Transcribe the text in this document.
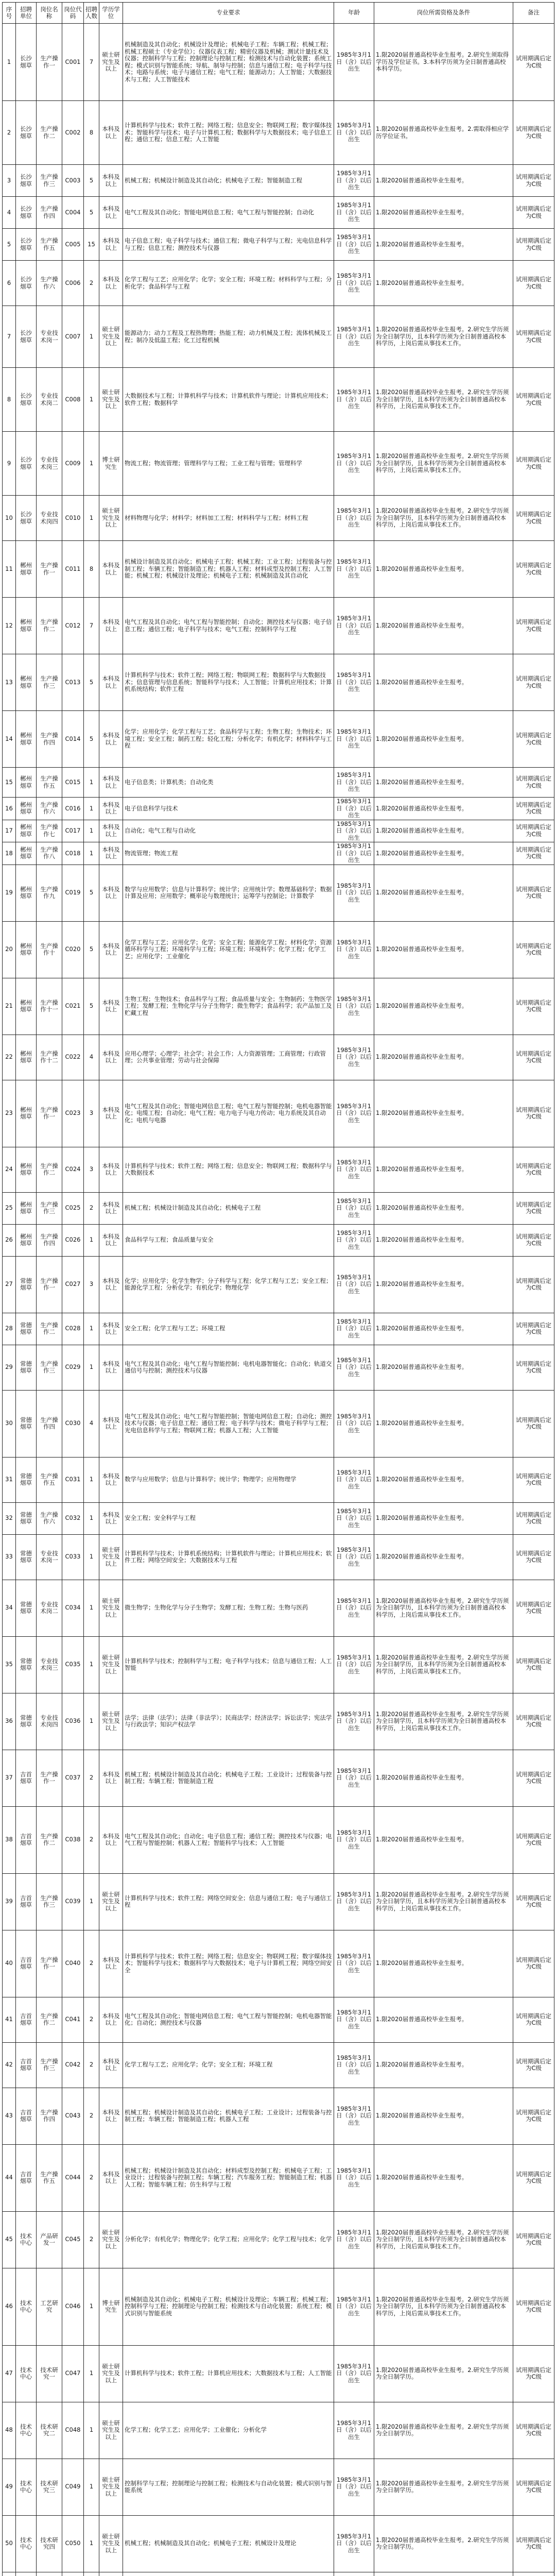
序号	招聘单位	岗位名称	岗位代码	招聘人数	学历学位	专业要求	年龄	岗位所需资格及条件	备注
1	长沙烟草	生产操作一	C001	7	硕士研究生及以上	机械制造及其自动化；机械设计及理论；机械电子工程；车辆工程；机械工程；机械工程硕士（专业学位）；仪器仪表工程；精密仪器及机械；测试计量技术及仪器；控制科学与工程；控制理论与控制工程；检测技术与自动化装置；系统工程；模式识别与智能系统；导航、制导与控制；信息与通信工程；电子科学与技术；电路与系统；电子与通信工程；电气工程；能源动力；人工智能；大数据技术与工程；人工智能技术	1985年3月1日（含）以后出生	1.限2020届普通高校毕业生报考。2.研究生须取得学历及学位证书。3.本科学历须为全日制普通高校本科学历。	试用期满后定为C级
2	长沙烟草	生产操作二	C002	8	本科及以上	计算机科学与技术；软件工程；网络工程；信息安全；物联网工程；数字媒体技术；智能科学与技术；电子与计算机工程；数据科学与大数据技术；电子信息工程；通信工程；信息工程；人工智能	1985年3月1日（含）以后出生	1.限2020届普通高校毕业生报考。2.需取得相应学历学位证书。	试用期满后定为C级
3	长沙烟草	生产操作三	C003	5	本科及以上	机械工程；机械设计制造及其自动化；机械电子工程；智能制造工程	1985年3月1日（含）以后出生	1.限2020届普通高校毕业生报考。	试用期满后定为C级
4	长沙烟草	生产操作四	C004	5	本科及以上	电气工程及其自动化；智能电网信息工程；电气工程与智能控制；自动化	1985年3月1日（含）以后出生	1.限2020届普通高校毕业生报考。	试用期满后定为C级
5	长沙烟草	生产操作五	C005	15	本科及以上	电子信息工程；电子科学与技术；通信工程；微电子科学与工程；光电信息科学与工程；信息工程；测控技术与仪器	1985年3月1日（含）以后出生	1.限2020届普通高校毕业生报考。	试用期满后定为C级
6	长沙烟草	生产操作六	C006	2	本科及以上	化学工程与工艺；应用化学；化学；安全工程；环境工程；材料科学与工程；分析化学；食品科学与工程	1985年3月1日（含）以后出生	1.限2020届普通高校毕业生报考。	试用期满后定为C级
7	长沙烟草	专业技术岗一	C007	1	硕士研究生及以上	能源动力；动力工程及工程热物理；热能工程；动力机械及工程；流体机械及工程；制冷及低温工程；化工过程机械	1985年3月1日（含）以后出生	1.限2020届普通高校毕业生报考。2.研究生学历须为全日制学历，且本科学历须为全日制普通高校本科学历，上岗后需从事技术工作。	试用期满后定为C级
8	长沙烟草	专业技术岗二	C008	1	硕士研究生及以上	大数据技术与工程；计算机科学与技术；计算机软件与理论；计算机应用技术；软件工程；数据科学	1985年3月1日（含）以后出生	1.限2020届普通高校毕业生报考。2.研究生学历须为全日制学历，且本科学历须为全日制普通高校本科学历，上岗后需从事技术工作。	试用期满后定为C级
9	长沙烟草	专业技术岗三	C009	1	博士研究生	物流工程；物流管理；管理科学与工程；工业工程与管理；管理科学	1985年3月1日（含）以后出生	1.限2020届普通高校毕业生报考。2.研究生学历须为全日制学历，且本科学历须为全日制普通高校本科学历，上岗后需从事技术工作。	试用期满后定为C级
10	长沙烟草	专业技术岗四	C010	1	硕士研究生及以上	材料物理与化学；材料学；材料加工工程；材料科学与工程；材料工程	1985年3月1日（含）以后出生	1.限2020届普通高校毕业生报考。2.研究生学历须为全日制学历，且本科学历须为全日制普通高校本科学历，上岗后需从事技术工作。	试用期满后定为C级
11	郴州烟草	生产操作一	C011	8	本科及以上	机械设计制造及其自动化；机械电子工程；机械工程；工业工程；过程装备与控制工程；车辆工程；智能制造工程；机器人工程；材料成型及控制工程；人工智能；机械工程；机械设计及理论；机械电子工程；机械制造及其自动化	1985年3月1日（含）以后出生	1.限2020届普通高校毕业生报考。	试用期满后定为C级
12	郴州烟草	生产操作二	C012	7	本科及以上	电气工程及其自动化；电气工程与智能控制；自动化；测控技术与仪器；电子信息工程；通信工程；电子科学与技术；电气工程；控制科学与工程	1985年3月1日（含）以后出生	1.限2020届普通高校毕业生报考。	试用期满后定为C级
13	郴州烟草	生产操作三	C013	5	本科及以上	计算机科学与技术；软件工程；网络工程；物联网工程；数据科学与大数据技术；信息管理与信息系统；智能科学与技术；人工智能；计算机应用技术；计算机系统结构；软件工程	1985年3月1日（含）以后出生	1.限2020届普通高校毕业生报考。	试用期满后定为C级
14	郴州烟草	生产操作四	C014	5	本科及以上	化学；应用化学；化学工程与工艺；食品科学与工程；生物工程；生物技术；环境工程；安全工程；制药工程；轻化工程；分析化学；有机化学；材料科学与工程	1985年3月1日（含）以后出生	1.限2020届普通高校毕业生报考。	试用期满后定为C级
15	郴州烟草	生产操作五	C015	1	本科及以上	电子信息类；计算机类；自动化类	1985年3月1日（含）以后出生	1.限2020届普通高校毕业生报考。	试用期满后定为C级
16	郴州烟草	生产操作六	C016	1	本科及以上	电子信息科学与技术	1985年3月1日（含）以后出生	1.限2020届普通高校毕业生报考。	试用期满后定为C级
17	郴州烟草	生产操作七	C017	1	本科及以上	自动化；电气工程与自动化	1985年3月1日（含）以后出生	1.限2020届普通高校毕业生报考。	试用期满后定为C级
18	郴州烟草	生产操作八	C018	1	本科及以上	物流管理；物流工程	1985年3月1日（含）以后出生	1.限2020届普通高校毕业生报考。	试用期满后定为C级
19	郴州烟草	生产操作九	C019	5	本科及以上	数学与应用数学；信息与计算科学；统计学；应用统计学；数理基础科学；数据计算及应用；应用数学；概率论与数理统计；运筹学与控制论；计算数学	1985年3月1日（含）以后出生	1.限2020届普通高校毕业生报考。	试用期满后定为C级
20	郴州烟草	生产操作十	C020	5	本科及以上	化学工程与工艺；应用化学；化学；安全工程；能源化学工程；材料化学；资源循环科学与工程；环境科学与工程；环境工程；环境科学；化学工程；化学工艺；应用化学；工业催化	1985年3月1日（含）以后出生	1.限2020届普通高校毕业生报考。	试用期满后定为C级
21	郴州烟草	生产操作十一	C021	5	本科及以上	生物工程；生物技术；食品科学与工程；食品质量与安全；生物制药；生物医学工程；发酵工程；生物化学与分子生物学；微生物学；食品科学；农产品加工及贮藏工程	1985年3月1日（含）以后出生	1.限2020届普通高校毕业生报考。	试用期满后定为C级
22	郴州烟草	生产操作十二	C022	4	本科及以上	应用心理学；心理学；社会学；社会工作；人力资源管理；工商管理；行政管理；公共事业管理；劳动与社会保障	1985年3月1日（含）以后出生	1.限2020届普通高校毕业生报考。	试用期满后定为C级
23	郴州烟草	生产操作一	C023	3	本科及以上	电气工程及其自动化；智能电网信息工程；电气工程与智能控制；电机电器智能化；电缆工程；自动化；电气工程；电力电子与电力传动；电力系统及其自动化；电机与电器	1985年3月1日（含）以后出生	1.限2020届普通高校毕业生报考。	试用期满后定为C级
24	郴州烟草	生产操作二	C024	3	本科及以上	计算机科学与技术；软件工程；网络工程；信息安全；物联网工程；数据科学与大数据技术	1985年3月1日（含）以后出生	1.限2020届普通高校毕业生报考。	试用期满后定为C级
25	郴州烟草	生产操作三	C025	2	本科及以上	机械工程；机械设计制造及其自动化；机械电子工程	1985年3月1日（含）以后出生	1.限2020届普通高校毕业生报考。	试用期满后定为C级
26	郴州烟草	生产操作四	C026	1	本科及以上	食品科学与工程；食品质量与安全	1985年3月1日（含）以后出生	1.限2020届普通高校毕业生报考。	试用期满后定为C级
27	常德烟草	生产操作一	C027	3	本科及以上	化学；应用化学；化学生物学；分子科学与工程；化学工程与工艺；安全工程；能源化学工程；分析化学；有机化学；物理化学	1985年3月1日（含）以后出生	1.限2020届普通高校毕业生报考。	试用期满后定为C级
28	常德烟草	生产操作二	C028	1	本科及以上	安全工程；化学工程与工艺；环境工程	1985年3月1日（含）以后出生	1.限2020届普通高校毕业生报考。	试用期满后定为C级
29	常德烟草	生产操作三	C029	1	本科及以上	电气工程及其自动化；电气工程与智能控制；电机电器智能化；自动化；轨道交通信号与控制；测控技术与仪器	1985年3月1日（含）以后出生	1.限2020届普通高校毕业生报考。	试用期满后定为C级
30	常德烟草	生产操作四	C030	4	本科及以上	电气工程及其自动化；电气工程与智能控制；智能电网信息工程；自动化；测控技术与仪器；电子信息工程；通信工程；电子科学与技术；微电子科学与工程；光电信息科学与工程；物联网工程；机器人工程；人工智能	1985年3月1日（含）以后出生	1.限2020届普通高校毕业生报考。	试用期满后定为C级
31	常德烟草	生产操作五	C031	1	本科及以上	数学与应用数学；信息与计算科学；统计学；物理学；应用物理学	1985年3月1日（含）以后出生	1.限2020届普通高校毕业生报考。	试用期满后定为C级
32	常德烟草	生产操作六	C032	1	本科及以上	安全工程；安全科学与工程	1985年3月1日（含）以后出生	1.限2020届普通高校毕业生报考。	试用期满后定为C级
33	常德烟草	专业技术岗一	C033	1	硕士研究生及以上	计算机科学与技术；计算机系统结构；计算机软件与理论；计算机应用技术；软件工程；网络空间安全；大数据技术与工程	1985年3月1日（含）以后出生	1.限2020届普通高校毕业生报考。	试用期满后定为C级
34	常德烟草	专业技术岗二	C034	1	硕士研究生及以上	微生物学；生物化学与分子生物学；发酵工程；生物工程；生物与医药	1985年3月1日（含）以后出生	1.限2020届普通高校毕业生报考。2.研究生学历须为全日制学历，且本科学历须为全日制普通高校本科学历，上岗后需从事技术工作。	试用期满后定为C级
35	常德烟草	专业技术岗三	C035	1	硕士研究生及以上	计算机科学与技术；控制科学与工程；电子科学与技术；信息与通信工程；人工智能	1985年3月1日（含）以后出生	1.限2020届普通高校毕业生报考。2.研究生学历须为全日制学历，且本科学历须为全日制普通高校本科学历，上岗后需从事技术工作。	试用期满后定为C级
36	常德烟草	专业技术岗四	C036	1	硕士研究生及以上	法学；法律（法学）；法律（非法学）；民商法学；经济法学；诉讼法学；宪法学与行政法学；知识产权法学	1985年3月1日（含）以后出生	1.限2020届普通高校毕业生报考。2.研究生学历须为全日制学历，且本科学历须为全日制普通高校本科学历，上岗后需从事技术工作。	试用期满后定为C级
37	吉首烟草	生产操作一	C037	2	本科及以上	机械工程；机械设计制造及其自动化；机械电子工程；工业设计；过程装备与控制工程；车辆工程；智能制造工程	1985年3月1日（含）以后出生	1.限2020届普通高校毕业生报考。	试用期满后定为C级
38	吉首烟草	生产操作二	C038	2	本科及以上	电气工程及其自动化；自动化；电子信息工程；通信工程；测控技术与仪器；电气工程与智能控制；机器人工程；智能科学与技术；人工智能	1985年3月1日（含）以后出生	1.限2020届普通高校毕业生报考。	试用期满后定为C级
39	吉首烟草	生产操作三	C039	1	硕士研究生及以上	计算机科学与技术；软件工程；网络空间安全；信息与通信工程；电子与通信工程	1985年3月1日（含）以后出生	1.限2020届普通高校毕业生报考。2.研究生学历须为全日制学历，且本科学历须为全日制普通高校本科学历，上岗后需从事技术工作。	试用期满后定为C级
40	吉首烟草	生产操作一	C040	2	本科及以上	计算机科学与技术；软件工程；网络工程；信息安全；物联网工程；数字媒体技术；智能科学与技术；数据科学与大数据技术；电子与计算机工程；网络空间安全	1985年3月1日（含）以后出生	1.限2020届普通高校毕业生报考。	试用期满后定为C级
41	吉首烟草	生产操作二	C041	2	本科及以上	电气工程及其自动化；智能电网信息工程；电气工程与智能控制；电机电器智能化；自动化；测控技术与仪器	1985年3月1日（含）以后出生	1.限2020届普通高校毕业生报考。	试用期满后定为C级
42	吉首烟草	生产操作三	C042	2	本科及以上	化学工程与工艺；应用化学；化学；安全工程；环境工程	1985年3月1日（含）以后出生	1.限2020届普通高校毕业生报考。	试用期满后定为C级
43	吉首烟草	生产操作四	C043	2	本科及以上	机械工程；机械设计制造及其自动化；机械电子工程；工业设计；过程装备与控制工程；车辆工程；智能制造工程；机器人工程	1985年3月1日（含）以后出生	1.限2020届普通高校毕业生报考。	试用期满后定为C级
44	吉首烟草	生产操作五	C044	2	本科及以上	机械工程；机械设计制造及其自动化；材料成型及控制工程；机械电子工程；工业设计；过程装备与控制工程；车辆工程；汽车服务工程；智能制造工程；机器人工程；智能车辆工程；仿生科学与工程	1985年3月1日（含）以后出生	1.限2020届普通高校毕业生报考。	试用期满后定为C级
45	技术中心	产品研发一	C045	2	硕士研究生及以上	分析化学；有机化学；物理化学；化学工程；应用化学；化学工程与技术；化学	1985年3月1日（含）以后出生	1.限2020届普通高校毕业生报考。2.研究生学历须为全日制学历，且本科学历须为全日制普通高校本科学历，上岗后需从事技术工作。	试用期满后定为C级
46	技术中心	工艺研究	C046	1	博士研究生	机械制造及其自动化；机械电子工程；机械设计及理论；车辆工程；机械工程；控制科学与工程；控制理论与控制工程；检测技术与自动化装置；系统工程；模式识别与智能系统	1985年3月1日（含）以后出生	1.限2020届普通高校毕业生报考。2.研究生学历须为全日制学历，且本科学历须为全日制普通高校本科学历，上岗后需从事技术工作。	试用期满后定为C级
47	技术中心	技术研究一	C047	1	硕士研究生及以上	计算机科学与技术；软件工程；计算机应用技术；大数据技术与工程；人工智能	1985年3月1日（含）以后出生	1.限2020届普通高校毕业生报考。2.研究生学历须为全日制学历。	试用期满后定为C级
48	技术中心	技术研究二	C048	1	硕士研究生及以上	化学工程；化学工艺；应用化学；工业催化；分析化学	1985年3月1日（含）以后出生	1.限2020届普通高校毕业生报考。2.研究生学历须为全日制学历。	试用期满后定为C级
49	技术中心	技术研究三	C049	1	硕士研究生及以上	控制科学与工程；控制理论与控制工程；检测技术与自动化装置；模式识别与智能系统	1985年3月1日（含）以后出生	1.限2020届普通高校毕业生报考。2.研究生学历须为全日制学历。	试用期满后定为C级
50	技术中心	技术研究四	C050	1	硕士研究生及以上	机械工程；机械制造及其自动化；机械电子工程；机械设计及理论	1985年3月1日（含）以后出生	1.限2020届普通高校毕业生报考。2.研究生学历须为全日制学历。	试用期满后定为C级
